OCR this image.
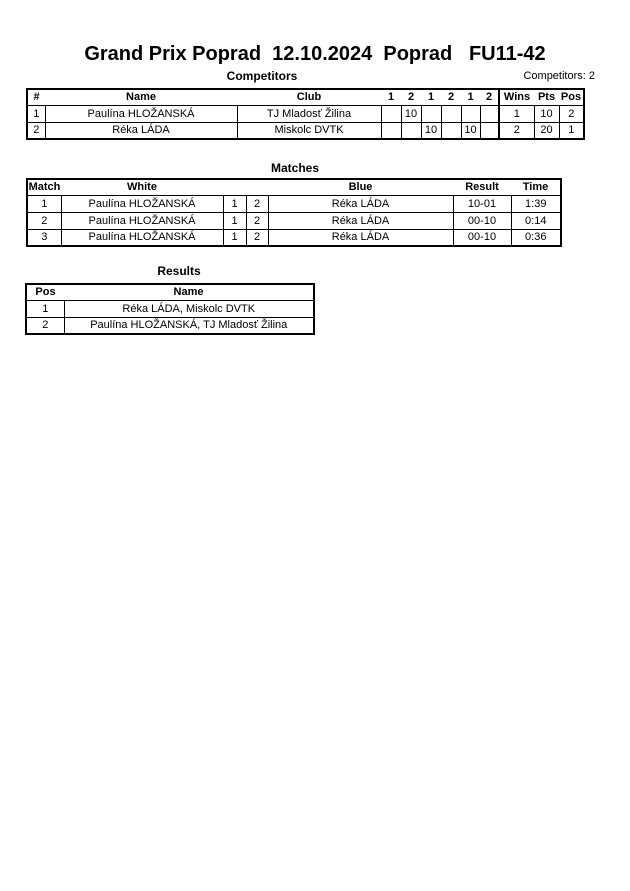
Grand Prix Poprad  12.10.2024  Poprad   FU11-42
Competitors	Competitors: 2
#	Name	Club	1	2	1	2	1	2	Wins	Pts	Pos
1	Paulína HLOŽANSKÁ	TJ Mladosť Žilina		10					1	10	2
2	Réka LÁDA	Miskolc DVTK			10		10		2	20	1
Matches
Match	White			Blue	Result	Time
1	Paulína HLOŽANSKÁ	1	2	Réka LÁDA	10-01	1:39
2	Paulína HLOŽANSKÁ	1	2	Réka LÁDA	00-10	0:14
3	Paulína HLOŽANSKÁ	1	2	Réka LÁDA	00-10	0:36
Results
Pos	Name
1	Réka LÁDA, Miskolc DVTK
2	Paulína HLOŽANSKÁ, TJ Mladosť Žilina
